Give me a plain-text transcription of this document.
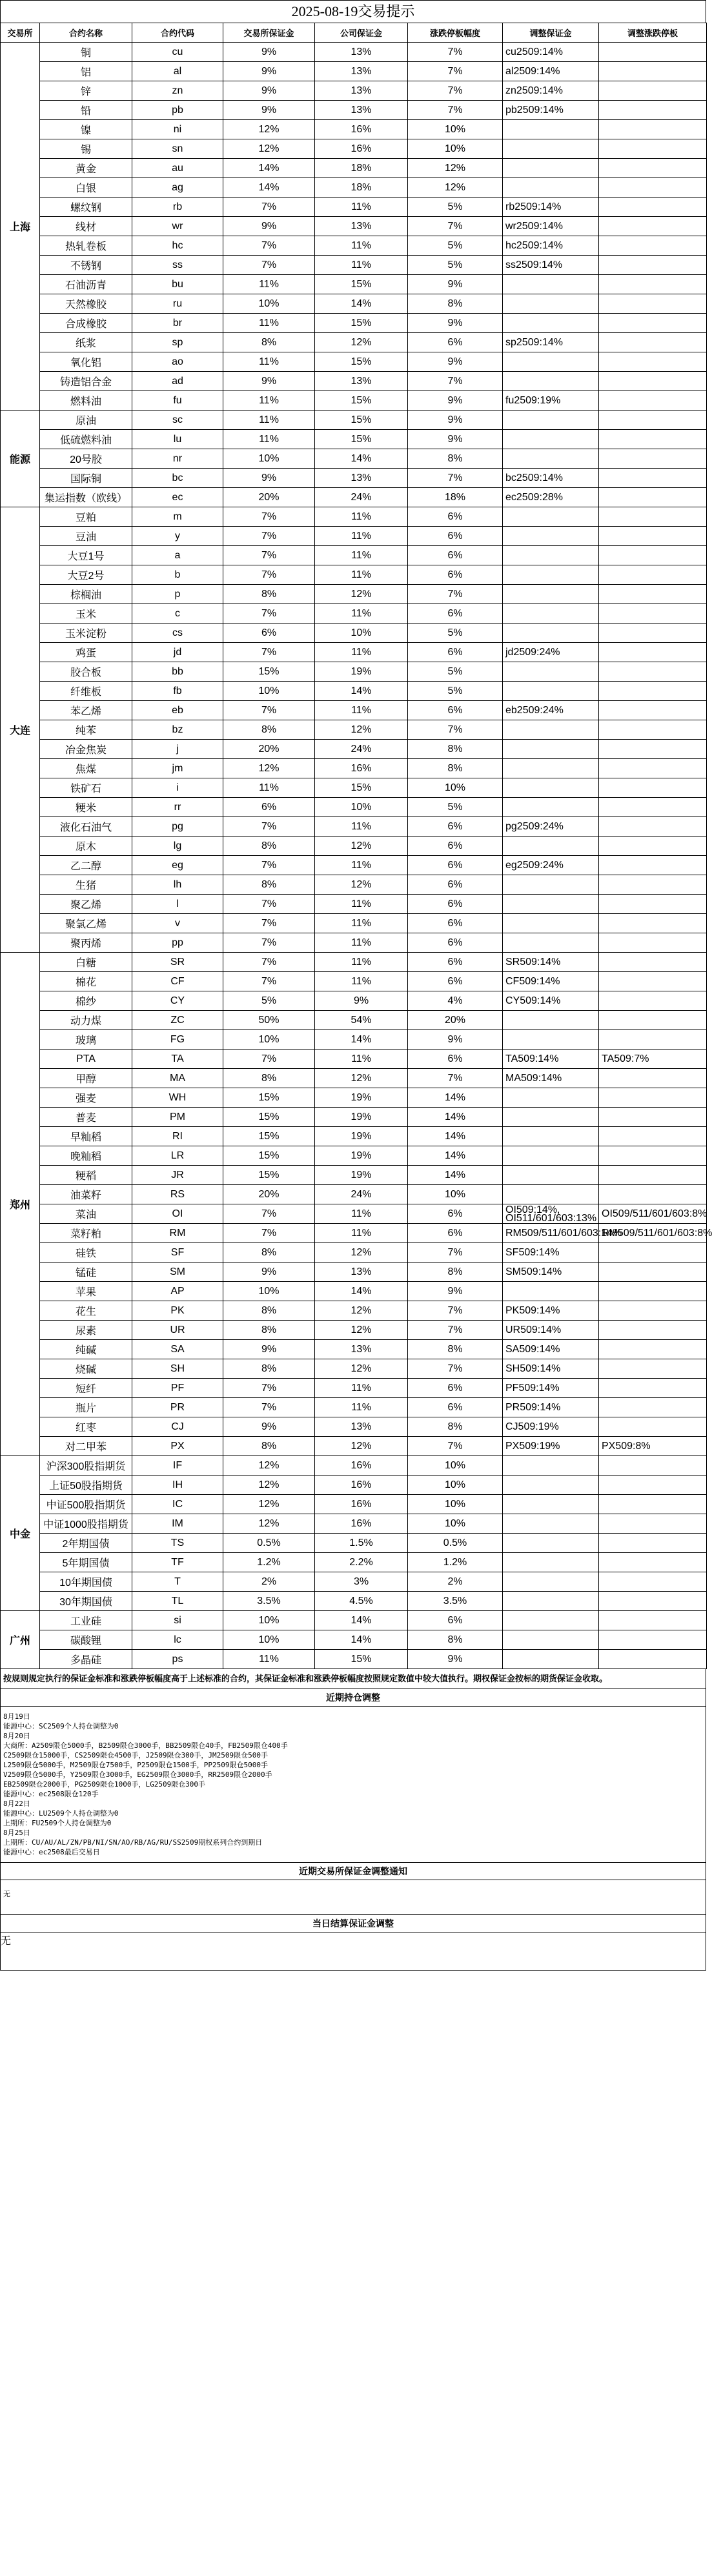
2025-08-19交易提示
交易所	合约名称	合约代码	交易所保证金	公司保证金	涨跌停板幅度	调整保证金	调整涨跌停板
上海	铜	cu	9%	13%	7%	cu2509:14%	
	铝	al	9%	13%	7%	al2509:14%	
	锌	zn	9%	13%	7%	zn2509:14%	
	铅	pb	9%	13%	7%	pb2509:14%	
	镍	ni	12%	16%	10%		
	锡	sn	12%	16%	10%		
	黄金	au	14%	18%	12%		
	白银	ag	14%	18%	12%		
	螺纹钢	rb	7%	11%	5%	rb2509:14%	
	线材	wr	9%	13%	7%	wr2509:14%	
	热轧卷板	hc	7%	11%	5%	hc2509:14%	
	不锈钢	ss	7%	11%	5%	ss2509:14%	
	石油沥青	bu	11%	15%	9%		
	天然橡胶	ru	10%	14%	8%		
	合成橡胶	br	11%	15%	9%		
	纸浆	sp	8%	12%	6%	sp2509:14%	
	氧化铝	ao	11%	15%	9%		
	铸造铝合金	ad	9%	13%	7%		
	燃料油	fu	11%	15%	9%	fu2509:19%	
能源	原油	sc	11%	15%	9%		
	低硫燃料油	lu	11%	15%	9%		
	20号胶	nr	10%	14%	8%		
	国际铜	bc	9%	13%	7%	bc2509:14%	
	集运指数（欧线）	ec	20%	24%	18%	ec2509:28%	
大连	豆粕	m	7%	11%	6%		
	豆油	y	7%	11%	6%		
	大豆1号	a	7%	11%	6%		
	大豆2号	b	7%	11%	6%		
	棕榈油	p	8%	12%	7%		
	玉米	c	7%	11%	6%		
	玉米淀粉	cs	6%	10%	5%		
	鸡蛋	jd	7%	11%	6%	jd2509:24%	
	胶合板	bb	15%	19%	5%		
	纤维板	fb	10%	14%	5%		
	苯乙烯	eb	7%	11%	6%	eb2509:24%	
	纯苯	bz	8%	12%	7%		
	冶金焦炭	j	20%	24%	8%		
	焦煤	jm	12%	16%	8%		
	铁矿石	i	11%	15%	10%		
	粳米	rr	6%	10%	5%		
	液化石油气	pg	7%	11%	6%	pg2509:24%	
	原木	lg	8%	12%	6%		
	乙二醇	eg	7%	11%	6%	eg2509:24%	
	生猪	lh	8%	12%	6%		
	聚乙烯	l	7%	11%	6%		
	聚氯乙烯	v	7%	11%	6%		
	聚丙烯	pp	7%	11%	6%		
郑州	白糖	SR	7%	11%	6%	SR509:14%	
	棉花	CF	7%	11%	6%	CF509:14%	
	棉纱	CY	5%	9%	4%	CY509:14%	
	动力煤	ZC	50%	54%	20%		
	玻璃	FG	10%	14%	9%		
	PTA	TA	7%	11%	6%	TA509:14%	TA509:7%
	甲醇	MA	8%	12%	7%	MA509:14%	
	强麦	WH	15%	19%	14%		
	普麦	PM	15%	19%	14%		
	早籼稻	RI	15%	19%	14%		
	晚籼稻	LR	15%	19%	14%		
	粳稻	JR	15%	19%	14%		
	油菜籽	RS	20%	24%	10%		
	菜油	OI	7%	11%	6%	OI509:14%, OI511/601/603:13%	OI509/511/601/603:8%
	菜籽粕	RM	7%	11%	6%	RM509/511/601/603:14%	RM509/511/601/603:8%
	硅铁	SF	8%	12%	7%	SF509:14%	
	锰硅	SM	9%	13%	8%	SM509:14%	
	苹果	AP	10%	14%	9%		
	花生	PK	8%	12%	7%	PK509:14%	
	尿素	UR	8%	12%	7%	UR509:14%	
	纯碱	SA	9%	13%	8%	SA509:14%	
	烧碱	SH	8%	12%	7%	SH509:14%	
	短纤	PF	7%	11%	6%	PF509:14%	
	瓶片	PR	7%	11%	6%	PR509:14%	
	红枣	CJ	9%	13%	8%	CJ509:19%	
	对二甲苯	PX	8%	12%	7%	PX509:19%	PX509:8%
中金	沪深300股指期货	IF	12%	16%	10%		
	上证50股指期货	IH	12%	16%	10%		
	中证500股指期货	IC	12%	16%	10%		
	中证1000股指期货	IM	12%	16%	10%		
	2年期国债	TS	0.5%	1.5%	0.5%		
	5年期国债	TF	1.2%	2.2%	1.2%		
	10年期国债	T	2%	3%	2%		
	30年期国债	TL	3.5%	4.5%	3.5%		
广州	工业硅	si	10%	14%	6%		
	碳酸锂	lc	10%	14%	8%		
	多晶硅	ps	11%	15%	9%		
按规则规定执行的保证金标准和涨跌停板幅度高于上述标准的合约，其保证金标准和涨跌停板幅度按照规定数值中较大值执行。期权保证金按标的期货保证金收取。
近期持仓调整
8月19日
能源中心：SC2509个人持仓调整为0
8月20日
大商所：A2509限仓5000手，B2509限仓3000手，BB2509限仓40手，FB2509限仓400手
C2509限仓15000手，CS2509限仓4500手，J2509限仓300手，JM2509限仓500手
L2509限仓5000手，M2509限仓7500手，P2509限仓1500手，PP2509限仓5000手
V2509限仓5000手，Y2509限仓3000手，EG2509限仓3000手，RR2509限仓2000手
EB2509限仓2000手，PG2509限仓1000手，LG2509限仓300手
能源中心：ec2508限仓120手
8月22日
能源中心：LU2509个人持仓调整为0
上期所：FU2509个人持仓调整为0
8月25日
上期所：CU/AU/AL/ZN/PB/NI/SN/AO/RB/AG/RU/SS2509期权系列合约到期日
能源中心：ec2508最后交易日
近期交易所保证金调整通知
无
当日结算保证金调整
无
